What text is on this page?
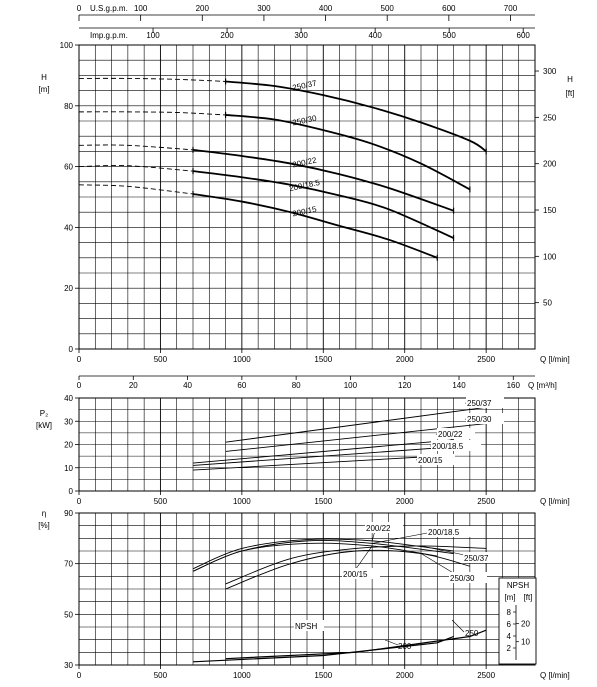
0
20
40
60
80
100
H
[m]
0	500	1000	1500	2000	2500	Q [l/min]
50
100
150
200
250
300
H
[ft]
0	100	200	300	400	500	600	700
U.S.g.p.m.
100	200	300	400	500	600
Imp.g.p.m.
0	20	40	60	80	100	120	140	160 Q [m³/h]
250/37
250/30
200/22
200/18.5
200/15
0
10
20
30
40
P₂
[kW]
0	500	1000	1500	2000	2500	Q [l/min]
250/37
250/30
200/22
200/18.5
200/15
30
50
70
90
η
[%]
0	500	1000	1500	2000	2500	Q [l/min]
200/22	200/18.5
200/15
250/37
250/30
NPSH
200
250
NPSH
[m] [ft]
2
4
6
8
10
20
